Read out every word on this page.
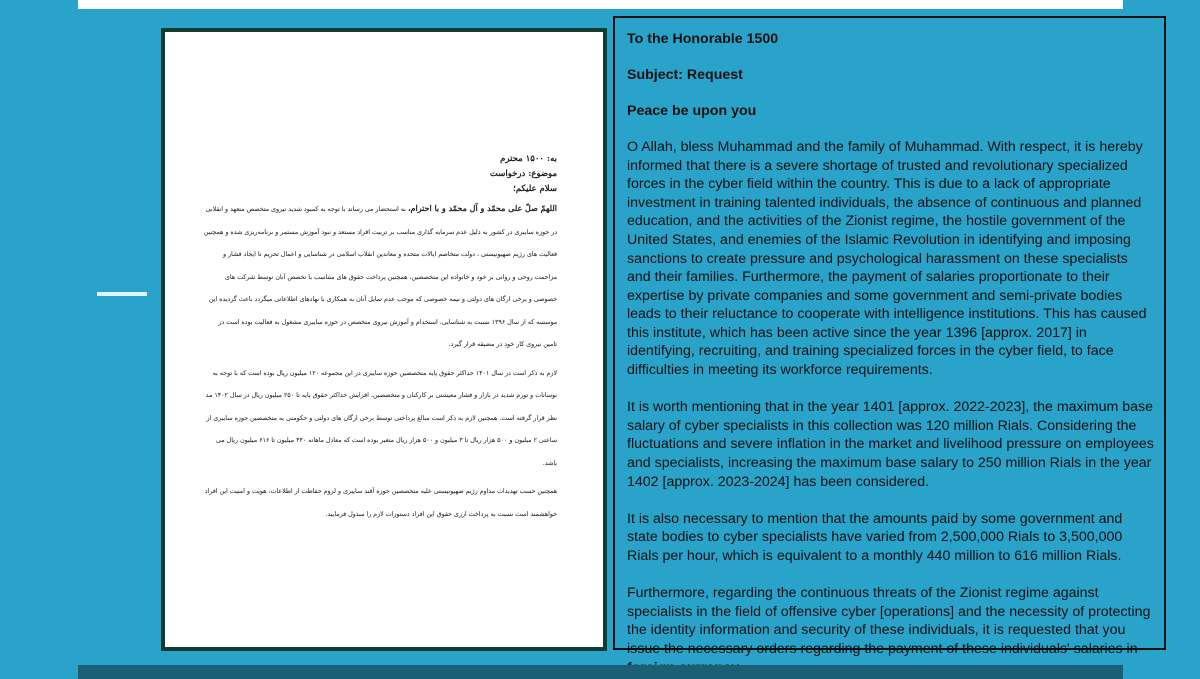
به: ۱۵۰۰ محترم
موضوع: درخواست
سلام علیکم؛

اللهمّ صلّ علی محمّد و آل محمّد و با احترام، به استحضار می رساند با توجه به کمبود شدید نیروی متخصص متعهد و انقلابی در حوزه سایبری در کشور به دلیل عدم سرمایه گذاری مناسب بر تربیت افراد مستعد و نبود آموزش مستمر و برنامه‌ریزی شده و همچنین فعالیت های رژیم صهیونیستی ، دولت متخاصم ایالات متحده و معاندین انقلاب اسلامی در شناسایی و اعمال تحریم تا ایجاد فشار و مزاحمت روحی و روانی بر خود و خانواده این متخصصین، همچنین پرداخت حقوق های متناسب با تخصص آنان توسط شرکت های خصوصی و برخی ارگان های دولتی و نیمه خصوصی که موجب عدم تمایل آنان به همکاری با نهادهای اطلاعاتی میگردد باعث گردیده این موسسه که از سال ۱۳۹۶ نسبت به شناسایی، استخدام و آموزش نیروی متخصص در حوزه سایبری مشغول به فعالیت بوده است در تامین نیروی کار خود در مضیقه قرار گیرد.

لازم به ذکر است در سال ۱۴۰۱ حداکثر حقوق پایه متخصصین حوزه سایبری در این مجموعه ۱۲۰ میلیون ریال بوده است که با توجه به نوسانات و تورم شدید در بازار و فشار معیشتی بر کارکنان و متخصصین، افزایش حداکثر حقوق پایه تا ۲۵۰ میلیون ریال در سال ۱۴۰۲ مد نظر قرار گرفته است. همچنین لازم به ذکر است مبالغ پرداختی توسط برخی ارگان های دولتی و حکومتی به متخصصین حوزه سایبری از ساعتی ۲ میلیون و ۵۰۰ هزار ریال تا ۳ میلیون و ۵۰۰ هزار ریال متغیر بوده است که معادل ماهانه ۴۴۰ میلیون تا ۶۱۶ میلیون ریال می باشد.

همچنین حسب تهدیدات مداوم رژیم صهیونیستی علیه متخصصین حوزه آفند سایبری و لزوم حفاظت از اطلاعات، هویت و امنیت این افراد خواهشمند است نسبت به پرداخت ارزی حقوق این افراد دستورات لازم را مبذول فرمایید.

To the Honorable 1500

Subject: Request

Peace be upon you

O Allah, bless Muhammad and the family of Muhammad. With respect, it is hereby informed that there is a severe shortage of trusted and revolutionary specialized forces in the cyber field within the country. This is due to a lack of appropriate investment in training talented individuals, the absence of continuous and planned education, and the activities of the Zionist regime, the hostile government of the United States, and enemies of the Islamic Revolution in identifying and imposing sanctions to create pressure and psychological harassment on these specialists and their families. Furthermore, the payment of salaries proportionate to their expertise by private companies and some government and semi-private bodies leads to their reluctance to cooperate with intelligence institutions. This has caused this institute, which has been active since the year 1396 [approx. 2017] in identifying, recruiting, and training specialized forces in the cyber field, to face difficulties in meeting its workforce requirements.

It is worth mentioning that in the year 1401 [approx. 2022-2023], the maximum base salary of cyber specialists in this collection was 120 million Rials. Considering the fluctuations and severe inflation in the market and livelihood pressure on employees and specialists, increasing the maximum base salary to 250 million Rials in the year 1402 [approx. 2023-2024] has been considered.

It is also necessary to mention that the amounts paid by some government and state bodies to cyber specialists have varied from 2,500,000 Rials to 3,500,000 Rials per hour, which is equivalent to a monthly 440 million to 616 million Rials.

Furthermore, regarding the continuous threats of the Zionist regime against specialists in the field of offensive cyber [operations] and the necessity of protecting the identity information and security of these individuals, it is requested that you issue the necessary orders regarding the payment of these individuals' salaries in
